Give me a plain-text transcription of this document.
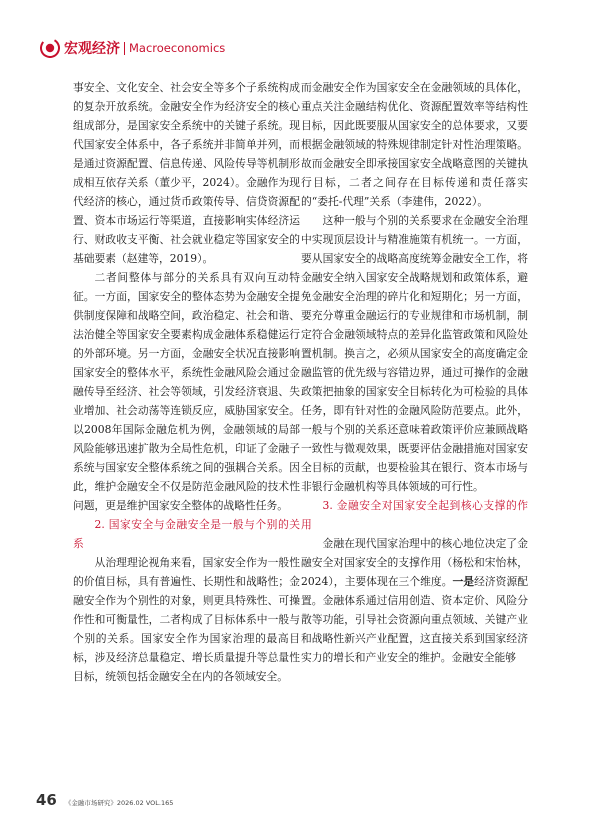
宏观经济 Macroeconomics

事安全、文化安全、社会安全等多个子系统构成的复杂开放系统。金融安全作为经济安全的核心组成部分，是国家安全系统中的关键子系统。现代国家安全体系中，各子系统并非简单并列，而是通过资源配置、信息传递、风险传导等机制形成相互依存关系（董少平，2024）。金融作为现代经济的核心，通过货币政策传导、信贷资源配置、资本市场运行等渠道，直接影响实体经济运行、财政收支平衡、社会就业稳定等国家安全的基础要素（赵建等，2019）。

二者间整体与部分的关系具有双向互动特征。一方面，国家安全的整体态势为金融安全提供制度保障和战略空间，政治稳定、社会和谐、法治健全等国家安全要素构成金融体系稳健运行的外部环境。另一方面，金融安全状况直接影响国家安全的整体水平，系统性金融风险会通过金融传导至经济、社会等领域，引发经济衰退、失业增加、社会动荡等连锁反应，威胁国家安全。以2008年国际金融危机为例，金融领域的局部风险能够迅速扩散为全局性危机，印证了金融子系统与国家安全整体系统之间的强耦合关系。因此，维护金融安全不仅是防范金融风险的技术性问题，更是维护国家安全整体的战略性任务。

2. 国家安全与金融安全是一般与个别的关系

从治理理论视角来看，国家安全作为一般性的价值目标，具有普遍性、长期性和战略性；金融安全作为个别性的对象，则更具特殊性、可操作性和可衡量性，二者构成了目标体系中一般与个别的关系。国家安全作为国家治理的最高目标，涉及经济总量稳定、增长质量提升等总量性目标，统领包括金融安全在内的各领域安全。

而金融安全作为国家安全在金融领域的具体化，重点关注金融结构优化、资源配置效率等结构性目标，因此既要服从国家安全的总体要求，又要根据金融领域的特殊规律制定针对性治理策略。故而金融安全即承接国家安全战略意图的关键执行目标，二者之间存在目标传递和责任落实的“委托-代理”关系（李建伟，2022）。

这种一般与个别的关系要求在金融安全治理中实现顶层设计与精准施策有机统一。一方面，要从国家安全的战略高度统筹金融安全工作，将金融安全纳入国家安全战略规划和政策体系，避免金融安全治理的碎片化和短期化；另一方面，要充分尊重金融运行的专业规律和市场机制，制定符合金融领域特点的差异化监管政策和风险处置机制。换言之，必须从国家安全的高度确定金融监管的优先级与容错边界，通过可操作的金融政策把抽象的国家安全目标转化为可检验的具体任务，即有针对性的金融风险防范要点。此外，一般与个别的关系还意味着政策评价应兼顾战略一致性与微观效果，既要评估金融措施对国家安全目标的贡献，也要检验其在银行、资本市场与非银行金融机构等具体领域的可行性。

3. 金融安全对国家安全起到核心支撑的作用

金融在现代国家治理中的核心地位决定了金融安全对国家安全的支撑作用（杨松和宋怡林，2024），主要体现在三个维度。一是经济资源配置。金融体系通过信用创造、资本定价、风险分散等功能，引导社会资源向重点领域、关键产业和战略性新兴产业配置，这直接关系到国家经济实力的增长和产业安全的维护。金融安全能够

46 《金融市场研究》2026.02 VOL.165
